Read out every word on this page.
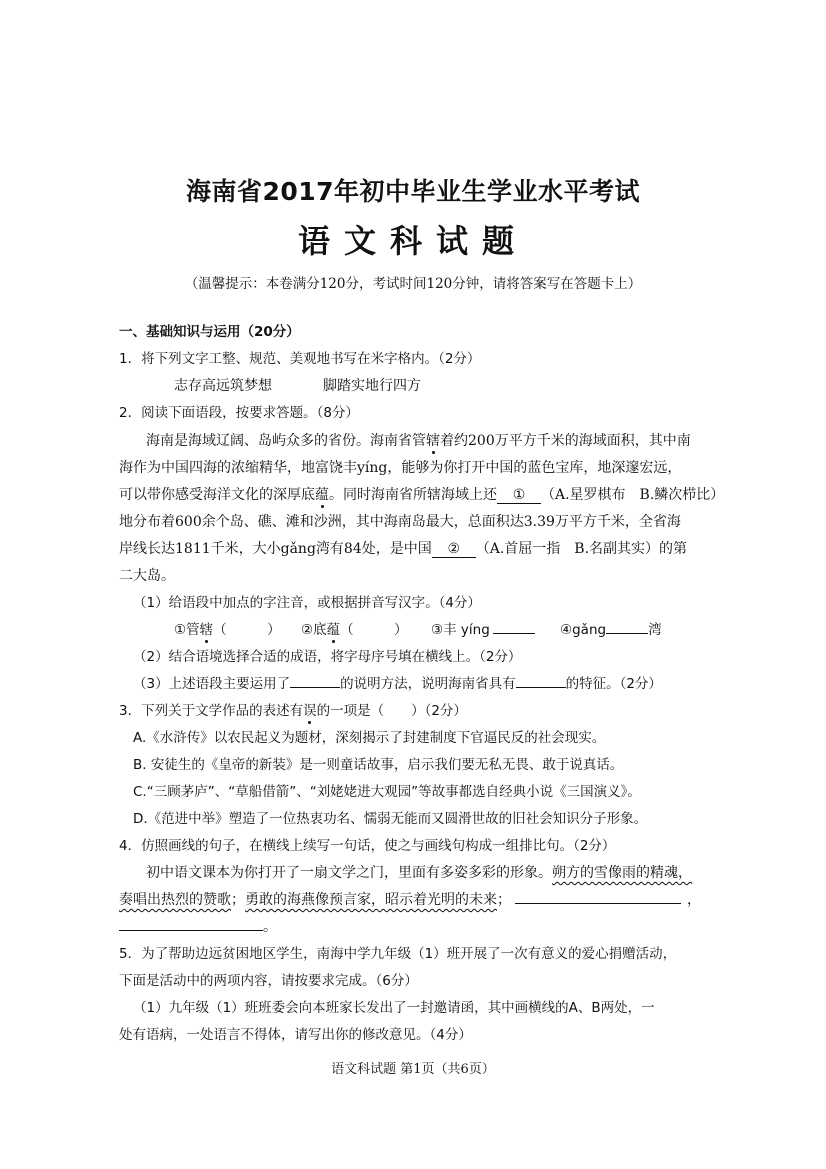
海南省2017年初中毕业生学业水平考试
语文科试题
（温馨提示：本卷满分120分，考试时间120分钟，请将答案写在答题卡上）
一、基础知识与运用（20分）
1．将下列文字工整、规范、美观地书写在米字格内。（2分）
志存高远筑梦想	脚踏实地行四方
2．阅读下面语段，按要求答题。（8分）
海南是海域辽阔、岛屿众多的省份。海南省管辖着约200万平方千米的海域面积，其中南
海作为中国四海的浓缩精华，地富饶丰yíng，能够为你打开中国的蓝色宝库，地深邃宏远，
可以带你感受海洋文化的深厚底蕴。同时海南省所辖海域上还 ① （A.星罗棋布　B.鳞次栉比）
地分布着600余个岛、礁、滩和沙洲，其中海南岛最大，总面积达3.39万平方千米，全省海
岸线长达1811千米，大小gǎng湾有84处，是中国 ② （A.首屈一指　B.名副其实）的第
二大岛。
（1）给语段中加点的字注音，或根据拼音写汉字。（4分）
①管辖（　　　） ②底蕴（　　　） ③丰 yíng	④gǎng	湾
（2）结合语境选择合适的成语，将字母序号填在横线上。（2分）
（3）上述语段主要运用了	的说明方法，说明海南省具有	的特征。（2分）
3．下列关于文学作品的表述有误的一项是（　　）（2分）
A.《水浒传》以农民起义为题材，深刻揭示了封建制度下官逼民反的社会现实。
B. 安徒生的《皇帝的新装》是一则童话故事，启示我们要无私无畏、敢于说真话。
C.“三顾茅庐”、“草船借箭”、“刘姥姥进大观园”等故事都选自经典小说《三国演义》。
D.《范进中举》塑造了一位热衷功名、懦弱无能而又圆滑世故的旧社会知识分子形象。
4．仿照画线的句子，在横线上续写一句话，使之与画线句构成一组排比句。（2分）
初中语文课本为你打开了一扇文学之门，里面有多姿多彩的形象。朔方的雪像雨的精魂，
奏唱出热烈的赞歌；勇敢的海燕像预言家，昭示着光明的未来；	，
。
5．为了帮助边远贫困地区学生，南海中学九年级（1）班开展了一次有意义的爱心捐赠活动，
下面是活动中的两项内容，请按要求完成。（6分）
（1）九年级（1）班班委会向本班家长发出了一封邀请函，其中画横线的A、B两处，一
处有语病，一处语言不得体，请写出你的修改意见。（4分）
语文科试题 第1页（共6页）
